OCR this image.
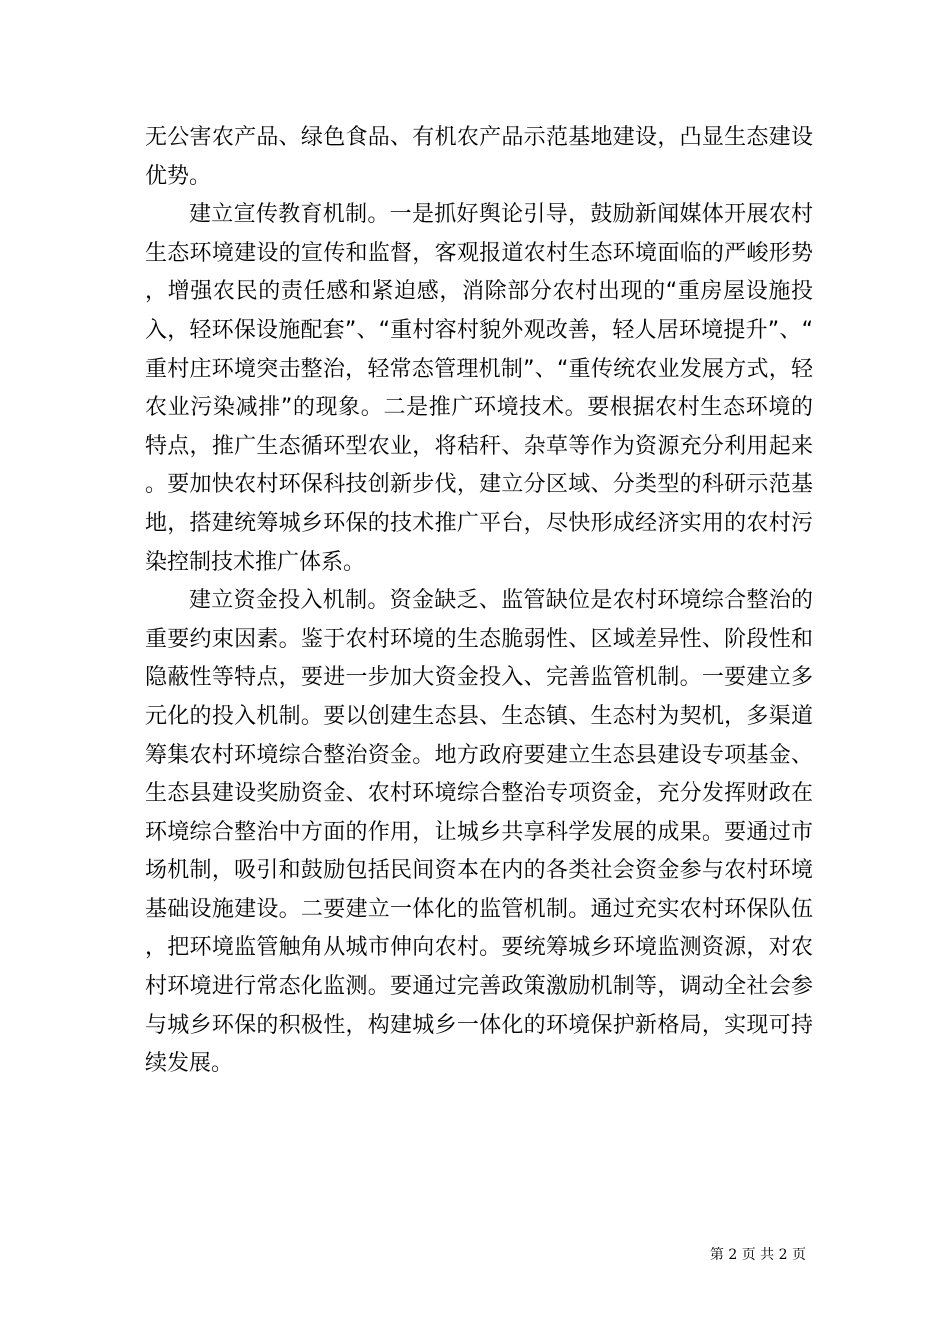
无公害农产品、绿色食品、有机农产品示范基地建设，凸显生态建设优势。

建立宣传教育机制。一是抓好舆论引导，鼓励新闻媒体开展农村生态环境建设的宣传和监督，客观报道农村生态环境面临的严峻形势，增强农民的责任感和紧迫感，消除部分农村出现的“重房屋设施投入，轻环保设施配套”、“重村容村貌外观改善，轻人居环境提升”、“重村庄环境突击整治，轻常态管理机制”、“重传统农业发展方式，轻农业污染减排”的现象。二是推广环境技术。要根据农村生态环境的特点，推广生态循环型农业，将秸秆、杂草等作为资源充分利用起来。要加快农村环保科技创新步伐，建立分区域、分类型的科研示范基地，搭建统筹城乡环保的技术推广平台，尽快形成经济实用的农村污染控制技术推广体系。

建立资金投入机制。资金缺乏、监管缺位是农村环境综合整治的重要约束因素。鉴于农村环境的生态脆弱性、区域差异性、阶段性和隐蔽性等特点，要进一步加大资金投入、完善监管机制。一要建立多元化的投入机制。要以创建生态县、生态镇、生态村为契机，多渠道筹集农村环境综合整治资金。地方政府要建立生态县建设专项基金、生态县建设奖励资金、农村环境综合整治专项资金，充分发挥财政在环境综合整治中方面的作用，让城乡共享科学发展的成果。要通过市场机制，吸引和鼓励包括民间资本在内的各类社会资金参与农村环境基础设施建设。二要建立一体化的监管机制。通过充实农村环保队伍，把环境监管触角从城市伸向农村。要统筹城乡环境监测资源，对农村环境进行常态化监测。要通过完善政策激励机制等，调动全社会参与城乡环保的积极性，构建城乡一体化的环境保护新格局，实现可持续发展。

第 2 页 共 2 页
